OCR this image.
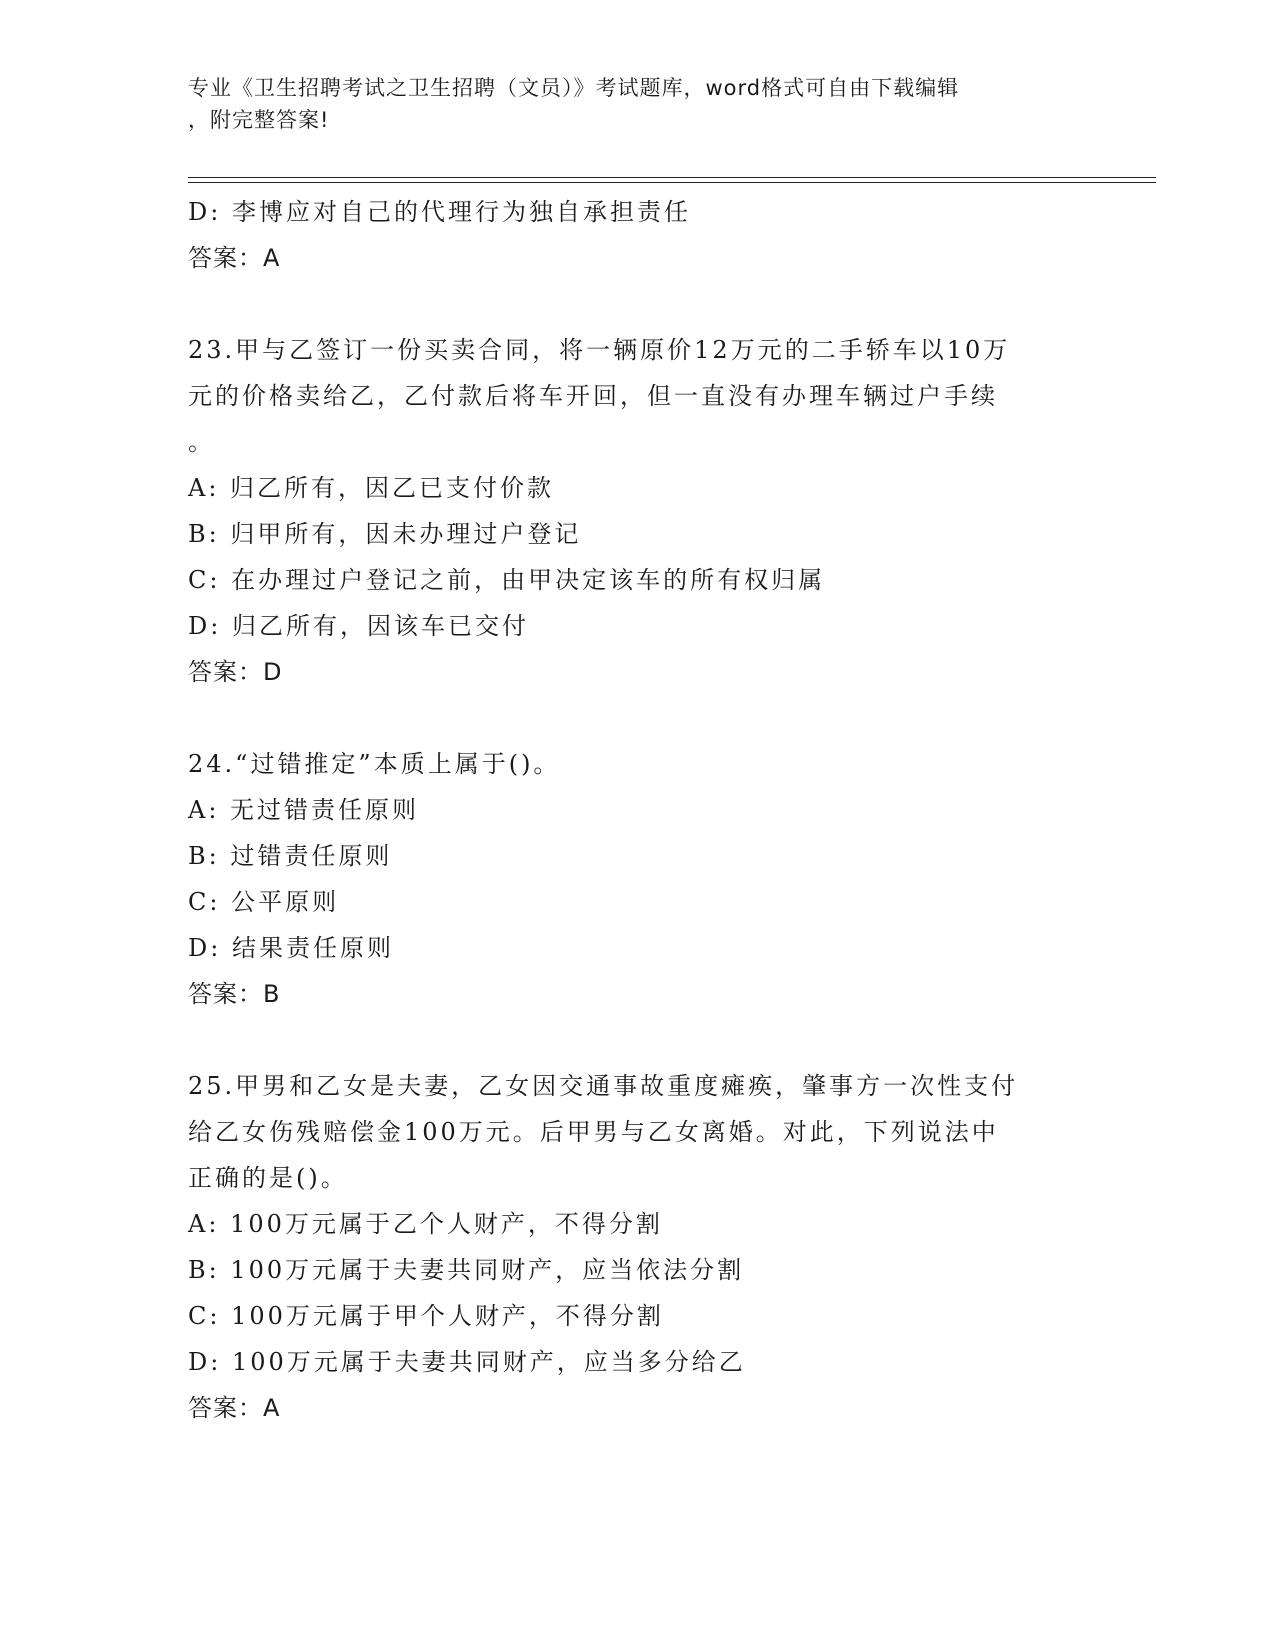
专业《卫生招聘考试之卫生招聘（文员）》考试题库，word格式可自由下载编辑
，附完整答案!

D: 李博应对自己的代理行为独自承担责任

答案：A

23.甲与乙签订一份买卖合同，将一辆原价12万元的二手轿车以10万

元的价格卖给乙，乙付款后将车开回，但一直没有办理车辆过户手续

。

A: 归乙所有，因乙已支付价款

B: 归甲所有，因未办理过户登记

C: 在办理过户登记之前，由甲决定该车的所有权归属

D: 归乙所有，因该车已交付

答案：D

24.“过错推定”本质上属于()。

A: 无过错责任原则

B: 过错责任原则

C: 公平原则

D: 结果责任原则

答案：B

25.甲男和乙女是夫妻，乙女因交通事故重度瘫痪，肇事方一次性支付

给乙女伤残赔偿金100万元。后甲男与乙女离婚。对此，下列说法中

正确的是()。

A: 100万元属于乙个人财产，不得分割

B: 100万元属于夫妻共同财产，应当依法分割

C: 100万元属于甲个人财产，不得分割

D: 100万元属于夫妻共同财产，应当多分给乙

答案：A
